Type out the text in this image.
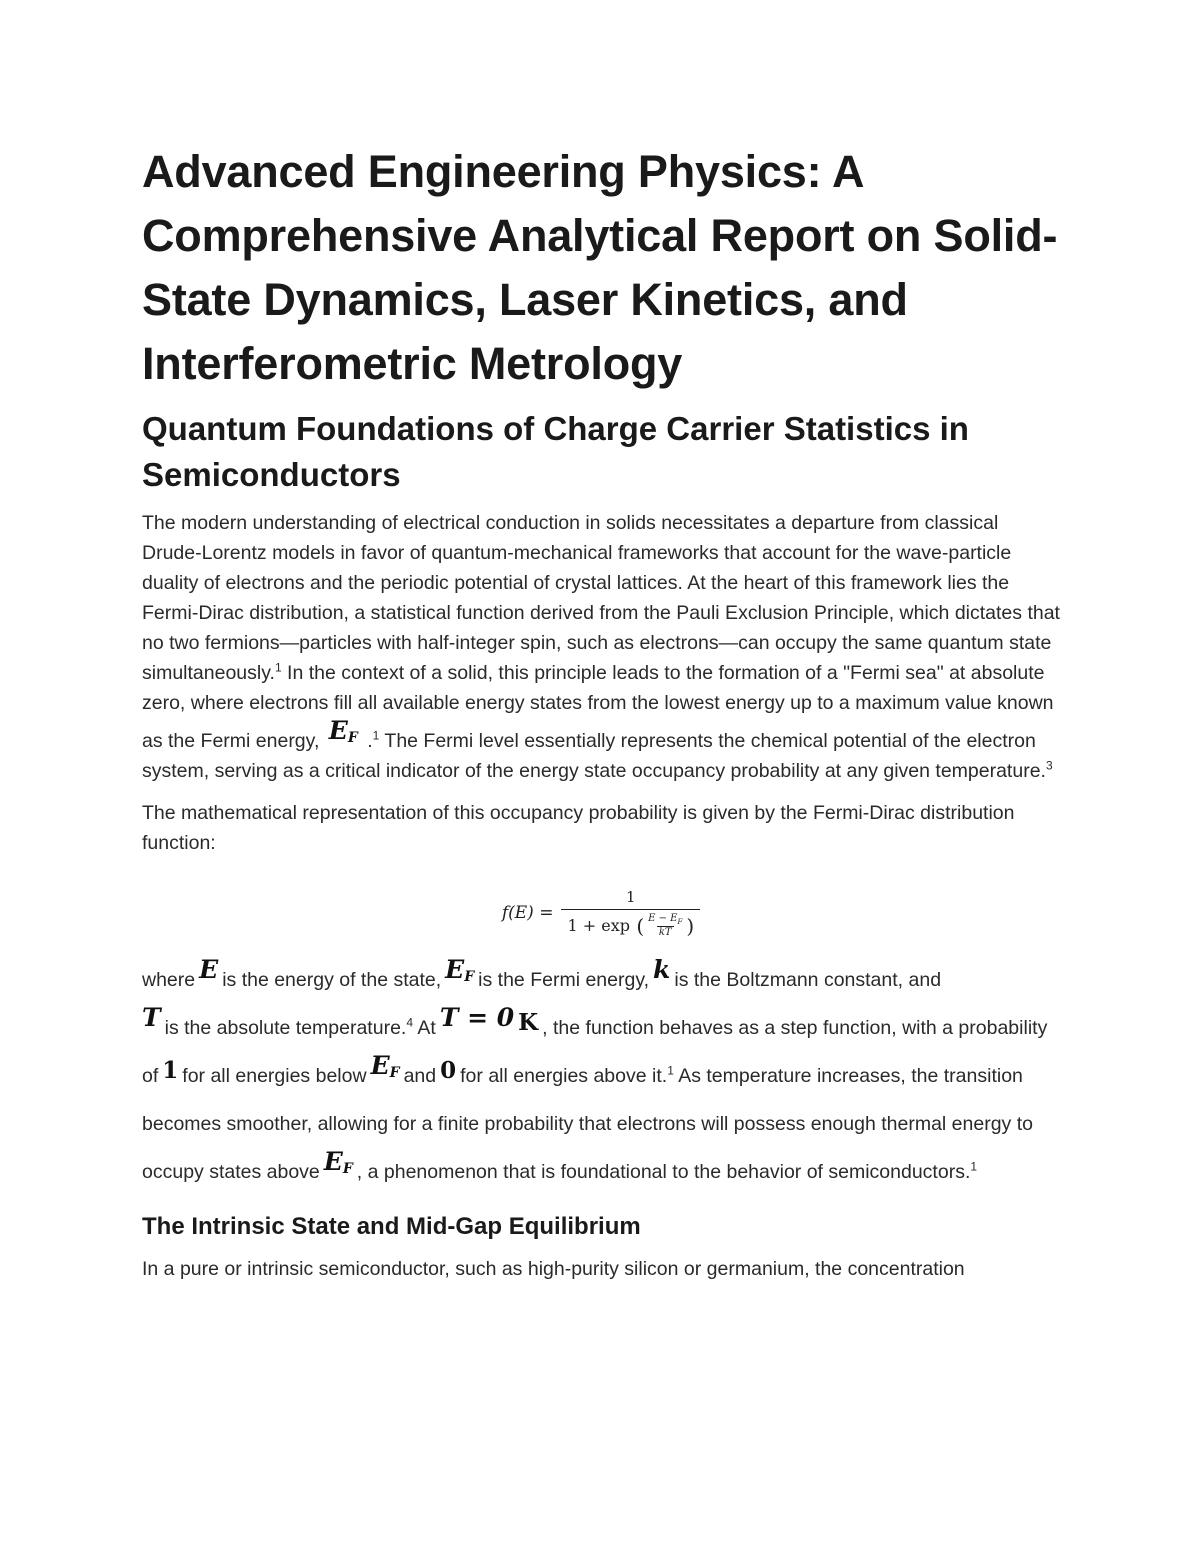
Advanced Engineering Physics: A Comprehensive Analytical Report on Solid-State Dynamics, Laser Kinetics, and Interferometric Metrology
Quantum Foundations of Charge Carrier Statistics in Semiconductors

The modern understanding of electrical conduction in solids necessitates a departure from classical Drude-Lorentz models in favor of quantum-mechanical frameworks that account for the wave-particle duality of electrons and the periodic potential of crystal lattices. At the heart of this framework lies the Fermi-Dirac distribution, a statistical function derived from the Pauli Exclusion Principle, which dictates that no two fermions—particles with half-integer spin, such as electrons—can occupy the same quantum state simultaneously.$^1$ In the context of a solid, this principle leads to the formation of a "Fermi sea" at absolute zero, where electrons fill all available energy states from the lowest energy up to a maximum value known as the Fermi energy, $E_F$ .$^1$ The Fermi level essentially represents the chemical potential of the electron system, serving as a critical indicator of the energy state occupancy probability at any given temperature.$^3$

The mathematical representation of this occupancy probability is given by the Fermi-Dirac distribution function:

f(E) =
1
1 + exp ( $\frac{E - E_F}{kT}$ )

where E is the energy of the state, $E_F$ is the Fermi energy, k is the Boltzmann constant, and
T is the absolute temperature.$^4$ At T = 0 K , the function behaves as a step function, with a probability of 1 for all energies below $E_F$ and 0 for all energies above it.$^1$ As temperature increases, the transition becomes smoother, allowing for a finite probability that electrons will possess enough thermal energy to occupy states above $E_F$ , a phenomenon that is foundational to the behavior of semiconductors.$^1$

The Intrinsic State and Mid-Gap Equilibrium

In a pure or intrinsic semiconductor, such as high-purity silicon or germanium, the concentration
